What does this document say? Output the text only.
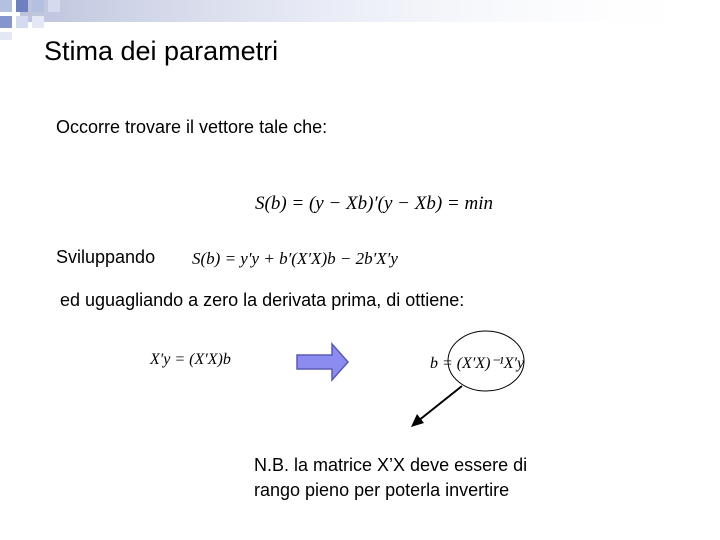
Stima dei parametri
Occorre trovare il vettore tale che:
S(b) = (y − Xb)′(y − Xb) = min
Sviluppando S(b) = y′y + b′(X′X)b − 2b′X′y
ed uguagliando a zero la derivata prima, di ottiene:
X′y = (X′X)b	b = (X′X)⁻¹X′y
N.B. la matrice X’X deve essere di
rango pieno per poterla invertire
